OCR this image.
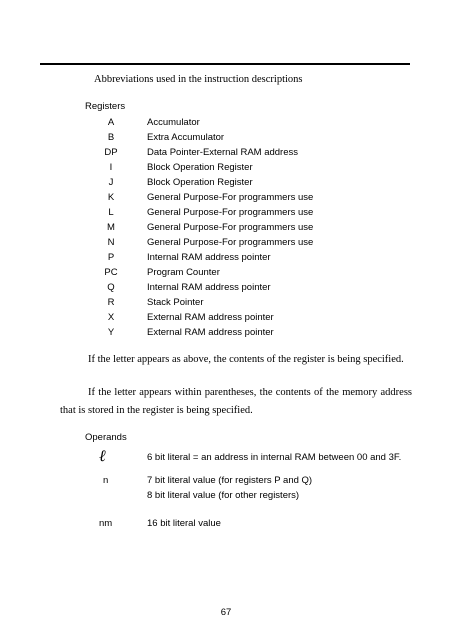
Abbreviations used in the instruction descriptions
Registers
A	Accumulator
B	Extra Accumulator
DP	Data Pointer-External RAM address
I	Block Operation Register
J	Block Operation Register
K	General Purpose-For programmers use
L	General Purpose-For programmers use
M	General Purpose-For programmers use
N	General Purpose-For programmers use
P	Internal RAM address pointer
PC	Program Counter
Q	Internal RAM address pointer
R	Stack Pointer
X	External RAM address pointer
Y	External RAM address pointer
If the letter appears as above, the contents of the register is being specified.
If the letter appears within parentheses, the contents of the memory address that is stored in the register is being specified.
Operands
ℓ	6 bit literal = an address in internal RAM between 00 and 3F.
n	7 bit literal value (for registers P and Q)
8 bit literal value (for other registers)
nm	16 bit literal value
67
